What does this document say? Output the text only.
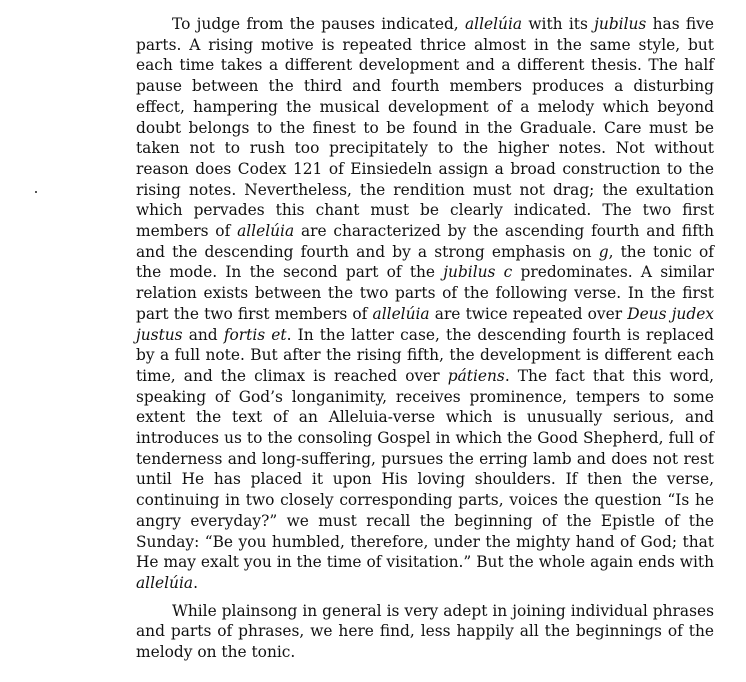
To judge from the pauses indicated, allelúia with its jubilus has five parts. A rising motive is repeated thrice almost in the same style, but each time takes a different development and a different thesis. The half pause between the third and fourth members produces a disturbing effect, hampering the musical development of a melody which beyond doubt belongs to the finest to be found in the Graduale. Care must be taken not to rush too precipitately to the higher notes. Not without reason does Codex 121 of Einsiedeln assign a broad construction to the rising notes. Nevertheless, the rendition must not drag; the exultation which pervades this chant must be clearly indicated. The two first members of allelúia are characterized by the ascending fourth and fifth and the descending fourth and by a strong emphasis on g, the tonic of the mode. In the second part of the jubilus c predominates. A similar relation exists between the two parts of the following verse. In the first part the two first members of allelúia are twice repeated over Deus judex justus and fortis et. In the latter case, the descending fourth is replaced by a full note. But after the rising fifth, the development is different each time, and the climax is reached over pátiens. The fact that this word, speaking of God’s longanimity, receives prominence, tempers to some extent the text of an Alleluia-verse which is unusually serious, and introduces us to the consoling Gospel in which the Good Shepherd, full of tenderness and long-suffering, pursues the erring lamb and does not rest until He has placed it upon His loving shoulders. If then the verse, continuing in two closely corresponding parts, voices the question “Is he angry everyday?” we must recall the beginning of the Epistle of the Sunday: “Be you humbled, therefore, under the mighty hand of God; that He may exalt you in the time of visitation.” But the whole again ends with allelúia.

While plainsong in general is very adept in joining individual phrases and parts of phrases, we here find, less happily all the beginnings of the melody on the tonic.
